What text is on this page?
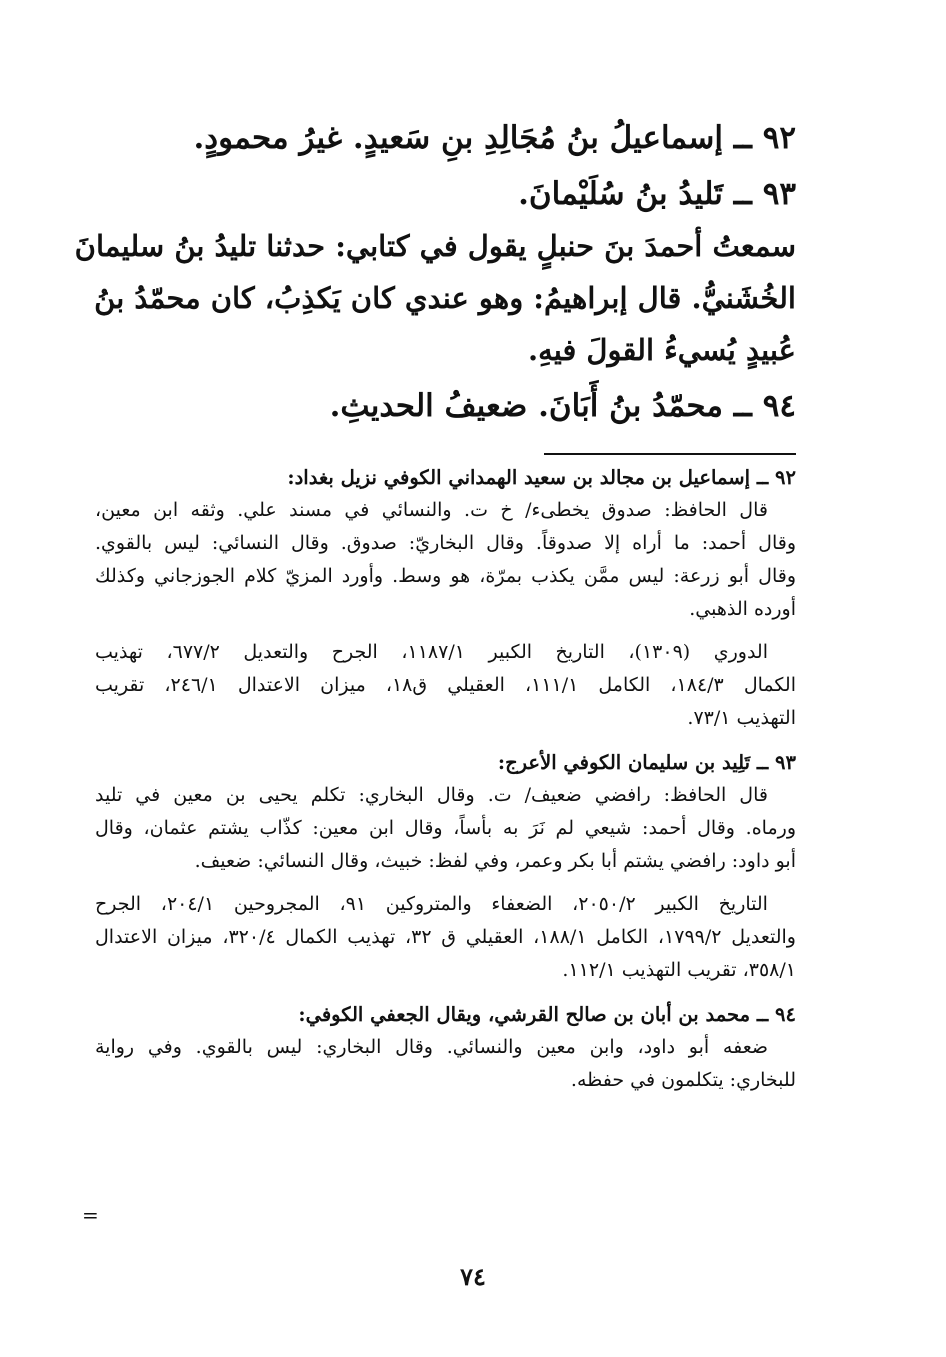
٩٢ ــ إسماعيلُ بنُ مُجَالِدِ بنِ سَعيدٍ. غيرُ محمودٍ.

٩٣ ــ تَليدُ بنُ سُلَيْمانَ.

سمعتُ أحمدَ بنَ حنبلٍ يقول في كتابي: حدثنا تليدُ بنُ سليمانَ
الخُشَنيُّ. قال إبراهيمُ: وهو عندي كان يَكذِبُ، كان محمّدُ بنُ
عُبيدٍ يُسيءُ القولَ فيهِ.

٩٤ ــ محمّدُ بنُ أَبَانَ. ضعيفُ الحديثِ.

٩٢ ــ إسماعيل بن مجالد بن سعيد الهمداني الكوفي نزيل بغداد:
قال الحافظ: صدوق يخطىء/ خ ت. والنسائي في مسند علي. وثقه ابن معين،
وقال أحمد: ما أراه إلا صدوقاً. وقال البخاريّ: صدوق. وقال النسائي: ليس بالقوي.
وقال أبو زرعة: ليس ممَّن يكذب بمرّة، هو وسط. وأورد المزيّ كلام الجوزجاني وكذلك
أورده الذهبي.
الدوري (١٣٠٩)، التاريخ الكبير ١١٨٧/١، الجرح والتعديل ٦٧٧/٢، تهذيب
الكمال ١٨٤/٣، الكامل ١١١/١، العقيلي ق١٨، ميزان الاعتدال ٢٤٦/١، تقريب
التهذيب ٧٣/١.
٩٣ ــ تَلِيد بن سليمان الكوفي الأعرج:
قال الحافظ: رافضي ضعيف/ ت. وقال البخاري: تكلم يحيى بن معين في تليد
ورماه. وقال أحمد: شيعي لم نَرَ به بأساً، وقال ابن معين: كذّاب يشتم عثمان، وقال
أبو داود: رافضي يشتم أبا بكر وعمر، وفي لفظ: خبيث، وقال النسائي: ضعيف.
التاريخ الكبير ٢٠٥٠/٢، الضعفاء والمتروكين ٩١، المجروحين ٢٠٤/١، الجرح
والتعديل ١٧٩٩/٢، الكامل ١٨٨/١، العقيلي ق ٣٢، تهذيب الكمال ٣٢٠/٤، ميزان الاعتدال
٣٥٨/١، تقريب التهذيب ١١٢/١.
٩٤ ــ محمد بن أبان بن صالح القرشي، ويقال الجعفي الكوفي:
ضعفه أبو داود، وابن معين والنسائي. وقال البخاري: ليس بالقوي. وفي رواية
للبخاري: يتكلمون في حفظه.
=
٧٤
